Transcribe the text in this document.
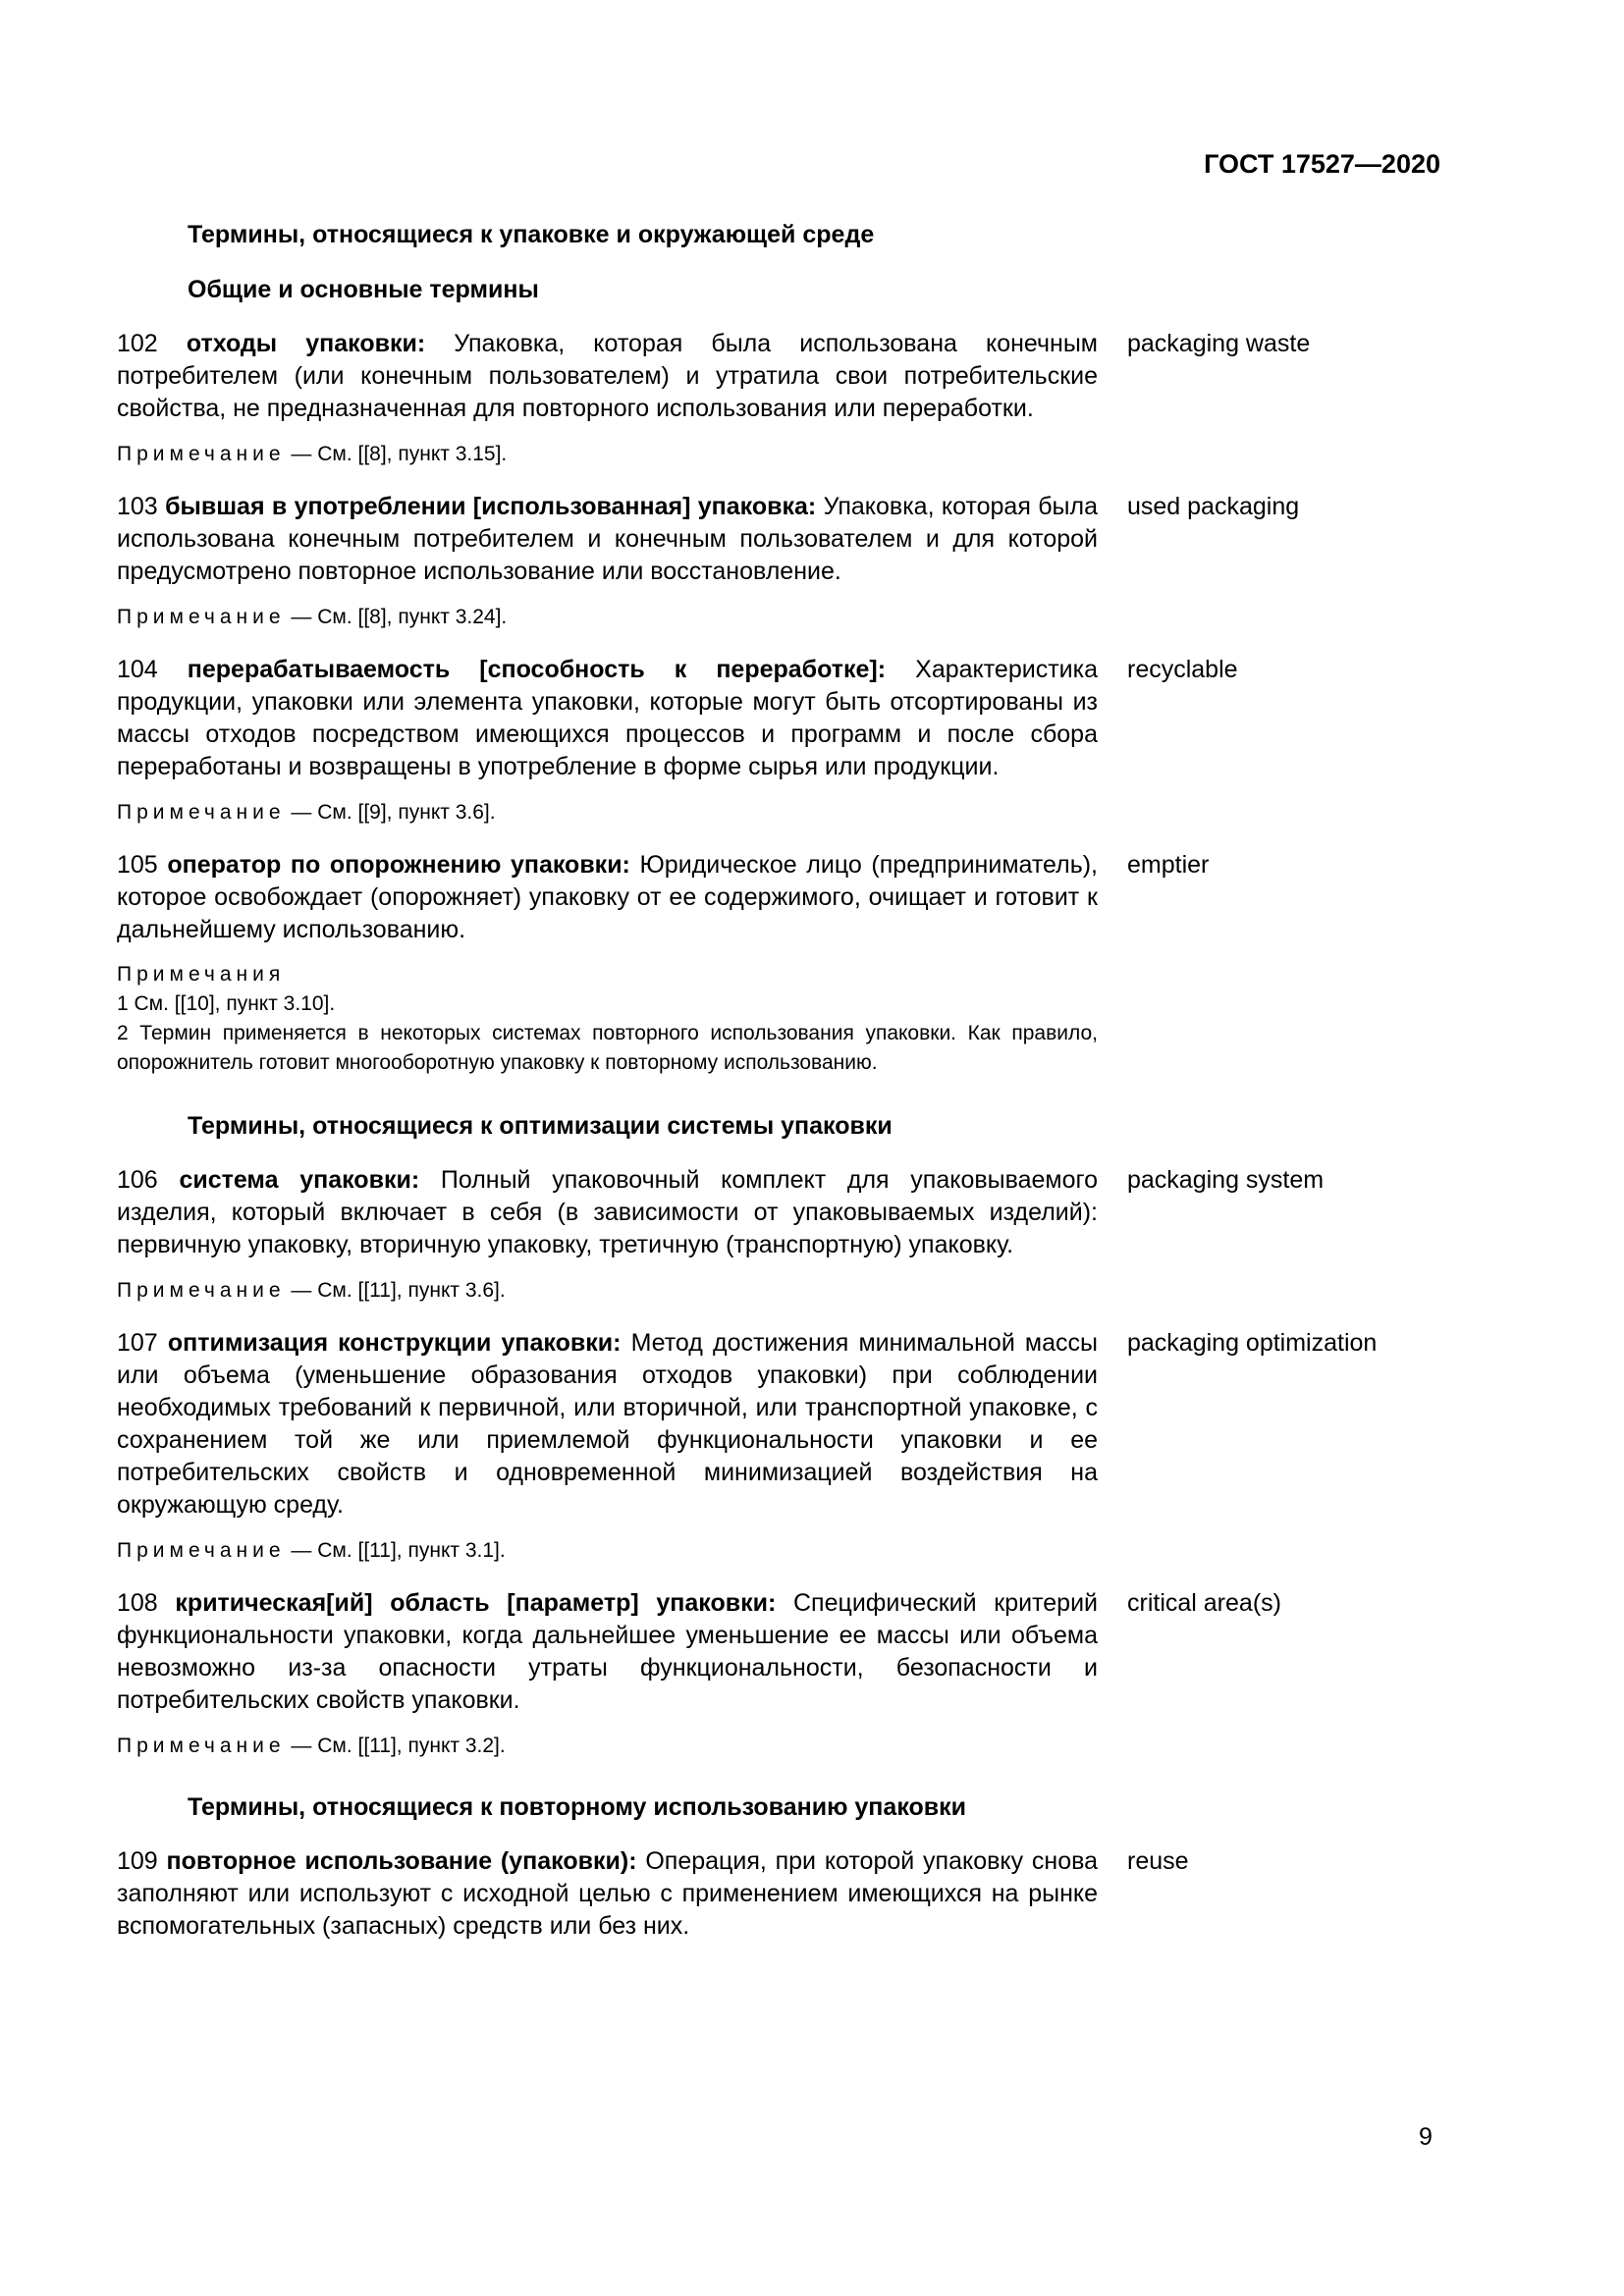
ГОСТ 17527—2020
Термины, относящиеся к упаковке и окружающей среде
Общие и основные термины
102 отходы упаковки: Упаковка, которая была использована конечным потребителем (или конечным пользователем) и утратила свои потребительские свойства, не предназначенная для повторного использования или переработки.
packaging waste
Примечание — См. [[8], пункт 3.15].
103 бывшая в употреблении [использованная] упаковка: Упаковка, которая была использована конечным потребителем и конечным пользователем и для которой предусмотрено повторное использование или восстановление.
used packaging
Примечание — См. [[8], пункт 3.24].
104 перерабатываемость [способность к переработке]: Характеристика продукции, упаковки или элемента упаковки, которые могут быть отсортированы из массы отходов посредством имеющихся процессов и программ и после сбора переработаны и возвращены в употребление в форме сырья или продукции.
recyclable
Примечание — См. [[9], пункт 3.6].
105 оператор по опорожнению упаковки: Юридическое лицо (предприниматель), которое освобождает (опорожняет) упаковку от ее содержимого, очищает и готовит к дальнейшему использованию.
emptier
Примечания
1 См. [[10], пункт 3.10].
2 Термин применяется в некоторых системах повторного использования упаковки. Как правило, опорожнитель готовит многооборотную упаковку к повторному использованию.
Термины, относящиеся к оптимизации системы упаковки
106 система упаковки: Полный упаковочный комплект для упаковываемого изделия, который включает в себя (в зависимости от упаковываемых изделий): первичную упаковку, вторичную упаковку, третичную (транспортную) упаковку.
packaging system
Примечание — См. [[11], пункт 3.6].
107 оптимизация конструкции упаковки: Метод достижения минимальной массы или объема (уменьшение образования отходов упаковки) при соблюдении необходимых требований к первичной, или вторичной, или транспортной упаковке, с сохранением той же или приемлемой функциональности упаковки и ее потребительских свойств и одновременной минимизацией воздействия на окружающую среду.
packaging optimization
Примечание — См. [[11], пункт 3.1].
108 критическая[ий] область [параметр] упаковки: Специфический критерий функциональности упаковки, когда дальнейшее уменьшение ее массы или объема невозможно из-за опасности утраты функциональности, безопасности и потребительских свойств упаковки.
critical area(s)
Примечание — См. [[11], пункт 3.2].
Термины, относящиеся к повторному использованию упаковки
109 повторное использование (упаковки): Операция, при которой упаковку снова заполняют или используют с исходной целью с применением имеющихся на рынке вспомогательных (запасных) средств или без них.
reuse
9
